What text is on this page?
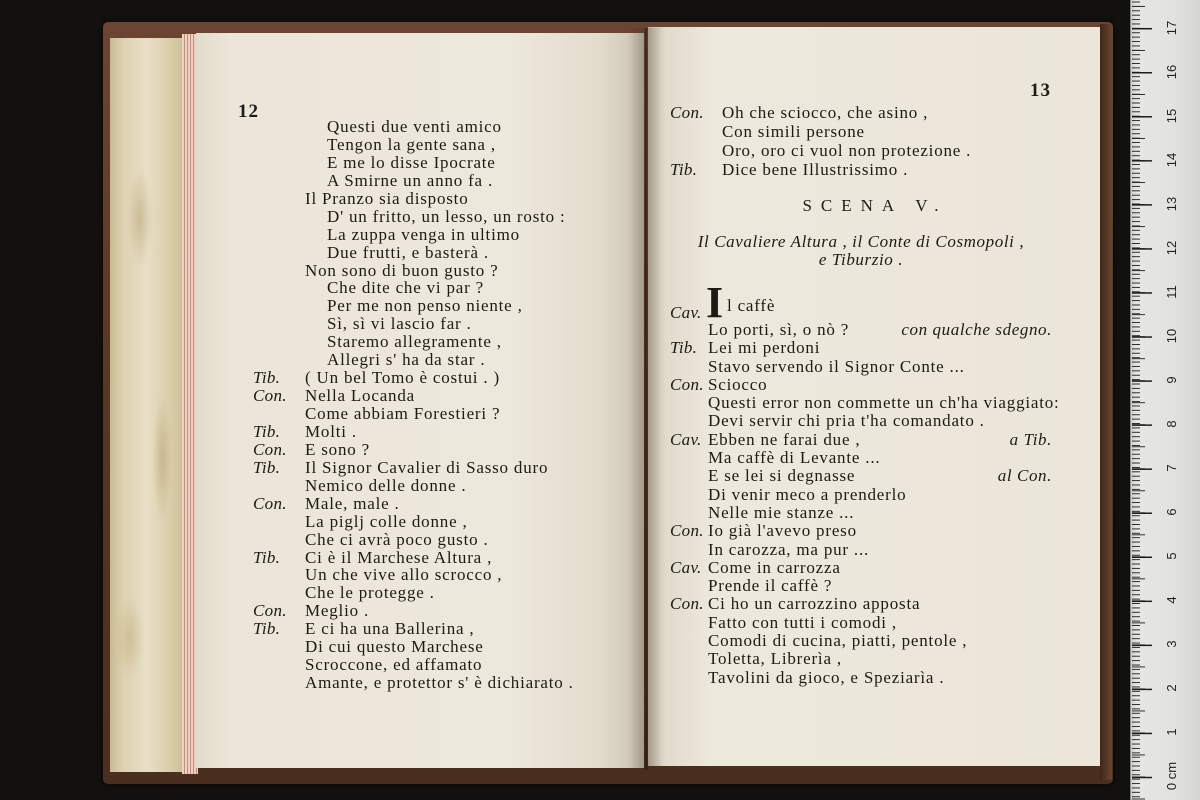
12
Questi due venti amico
Tengon la gente sana ,
E me lo disse Ipocrate
A Smirne un anno fa .
Il Pranzo sia disposto
D' un fritto, un lesso, un rosto :
La zuppa venga in ultimo
Due frutti, e basterà .
Non sono di buon gusto ?
Che dite che vi par ?
Per me non penso niente ,
Sì, sì vi lascio far .
Staremo allegramente ,
Allegri s' ha da star .
Tib. ( Un bel Tomo è costui . )
Con. Nella Locanda
Come abbiam Forestieri ?
Tib. Molti .
Con. E sono ?
Tib. Il Signor Cavalier di Sasso duro
Nemico delle donne .
Con. Male, male .
La piglj colle donne ,
Che ci avrà poco gusto .
Tib. Ci è il Marchese Altura ,
Un che vive allo scrocco ,
Che le protegge .
Con. Meglio .
Tib. E ci ha una Ballerina ,
Di cui questo Marchese
Scroccone, ed affamato
Amante, e protettor s' è dichiarato .
13
Con. Oh che sciocco, che asino ,
Con simili persone
Oro, oro ci vuol non protezione .
Tib. Dice bene Illustrissimo .
SCENA V.
Il Cavaliere Altura , il Conte di Cosmopoli ,
e Tiburzio .
Cav. I l caffè
Lo porti, sì, o nò ?	con qualche sdegno.
Tib. Lei mi perdoni
Stavo servendo il Signor Conte ...
Con. Sciocco
Questi error non commette un ch'ha viaggiato:
Devi servir chi pria t'ha comandato .
Cav. Ebben ne farai due ,	a Tib.
Ma caffè di Levante ...
E se lei si degnasse	al Con.
Di venir meco a prenderlo
Nelle mie stanze ...
Con. Io già l'avevo preso
In carozza, ma pur ...
Cav. Come in carrozza
Prende il caffè ?
Con. Ci ho un carrozzino apposta
Fatto con tutti i comodi ,
Comodi di cucina, piatti, pentole ,
Toletta, Librerìa ,
Tavolini da gioco, e Speziarìa .
17
16
15
14
13
12
11
10
9
8
7
6
5
4
3
2
1
0 cm
